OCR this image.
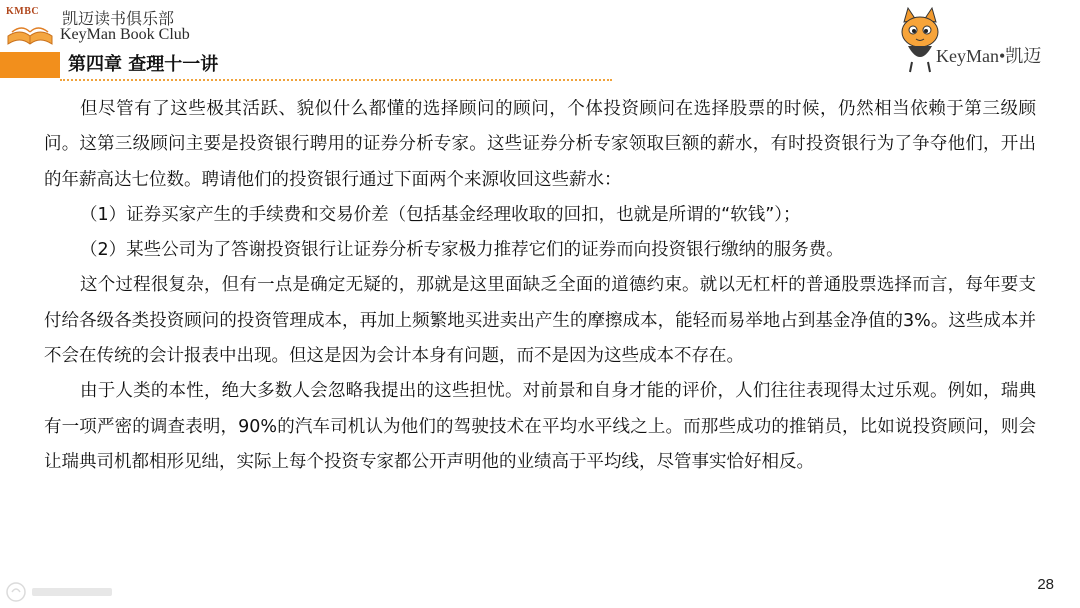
KMBC 凯迈读书俱乐部
KeyMan Book Club
第四章 查理十一讲	KeyMan•凯迈

但尽管有了这些极其活跃、貌似什么都懂的选择顾问的顾问，个体投资顾问在选择股票的时候，仍然相当依赖于第三级顾问。这第三级顾问主要是投资银行聘用的证券分析专家。这些证券分析专家领取巨额的薪水，有时投资银行为了争夺他们，开出的年薪高达七位数。聘请他们的投资银行通过下面两个来源收回这些薪水：

（1）证券买家产生的手续费和交易价差（包括基金经理收取的回扣，也就是所谓的“软钱”）；

（2）某些公司为了答谢投资银行让证券分析专家极力推荐它们的证券而向投资银行缴纳的服务费。

这个过程很复杂，但有一点是确定无疑的，那就是这里面缺乏全面的道德约束。就以无杠杆的普通股票选择而言，每年要支付给各级各类投资顾问的投资管理成本，再加上频繁地买进卖出产生的摩擦成本，能轻而易举地占到基金净值的3%。这些成本并不会在传统的会计报表中出现。但这是因为会计本身有问题，而不是因为这些成本不存在。

由于人类的本性，绝大多数人会忽略我提出的这些担忧。对前景和自身才能的评价，人们往往表现得太过乐观。例如，瑞典有一项严密的调查表明，90%的汽车司机认为他们的驾驶技术在平均水平线之上。而那些成功的推销员，比如说投资顾问，则会让瑞典司机都相形见绌，实际上每个投资专家都公开声明他的业绩高于平均线，尽管事实恰好相反。

28
